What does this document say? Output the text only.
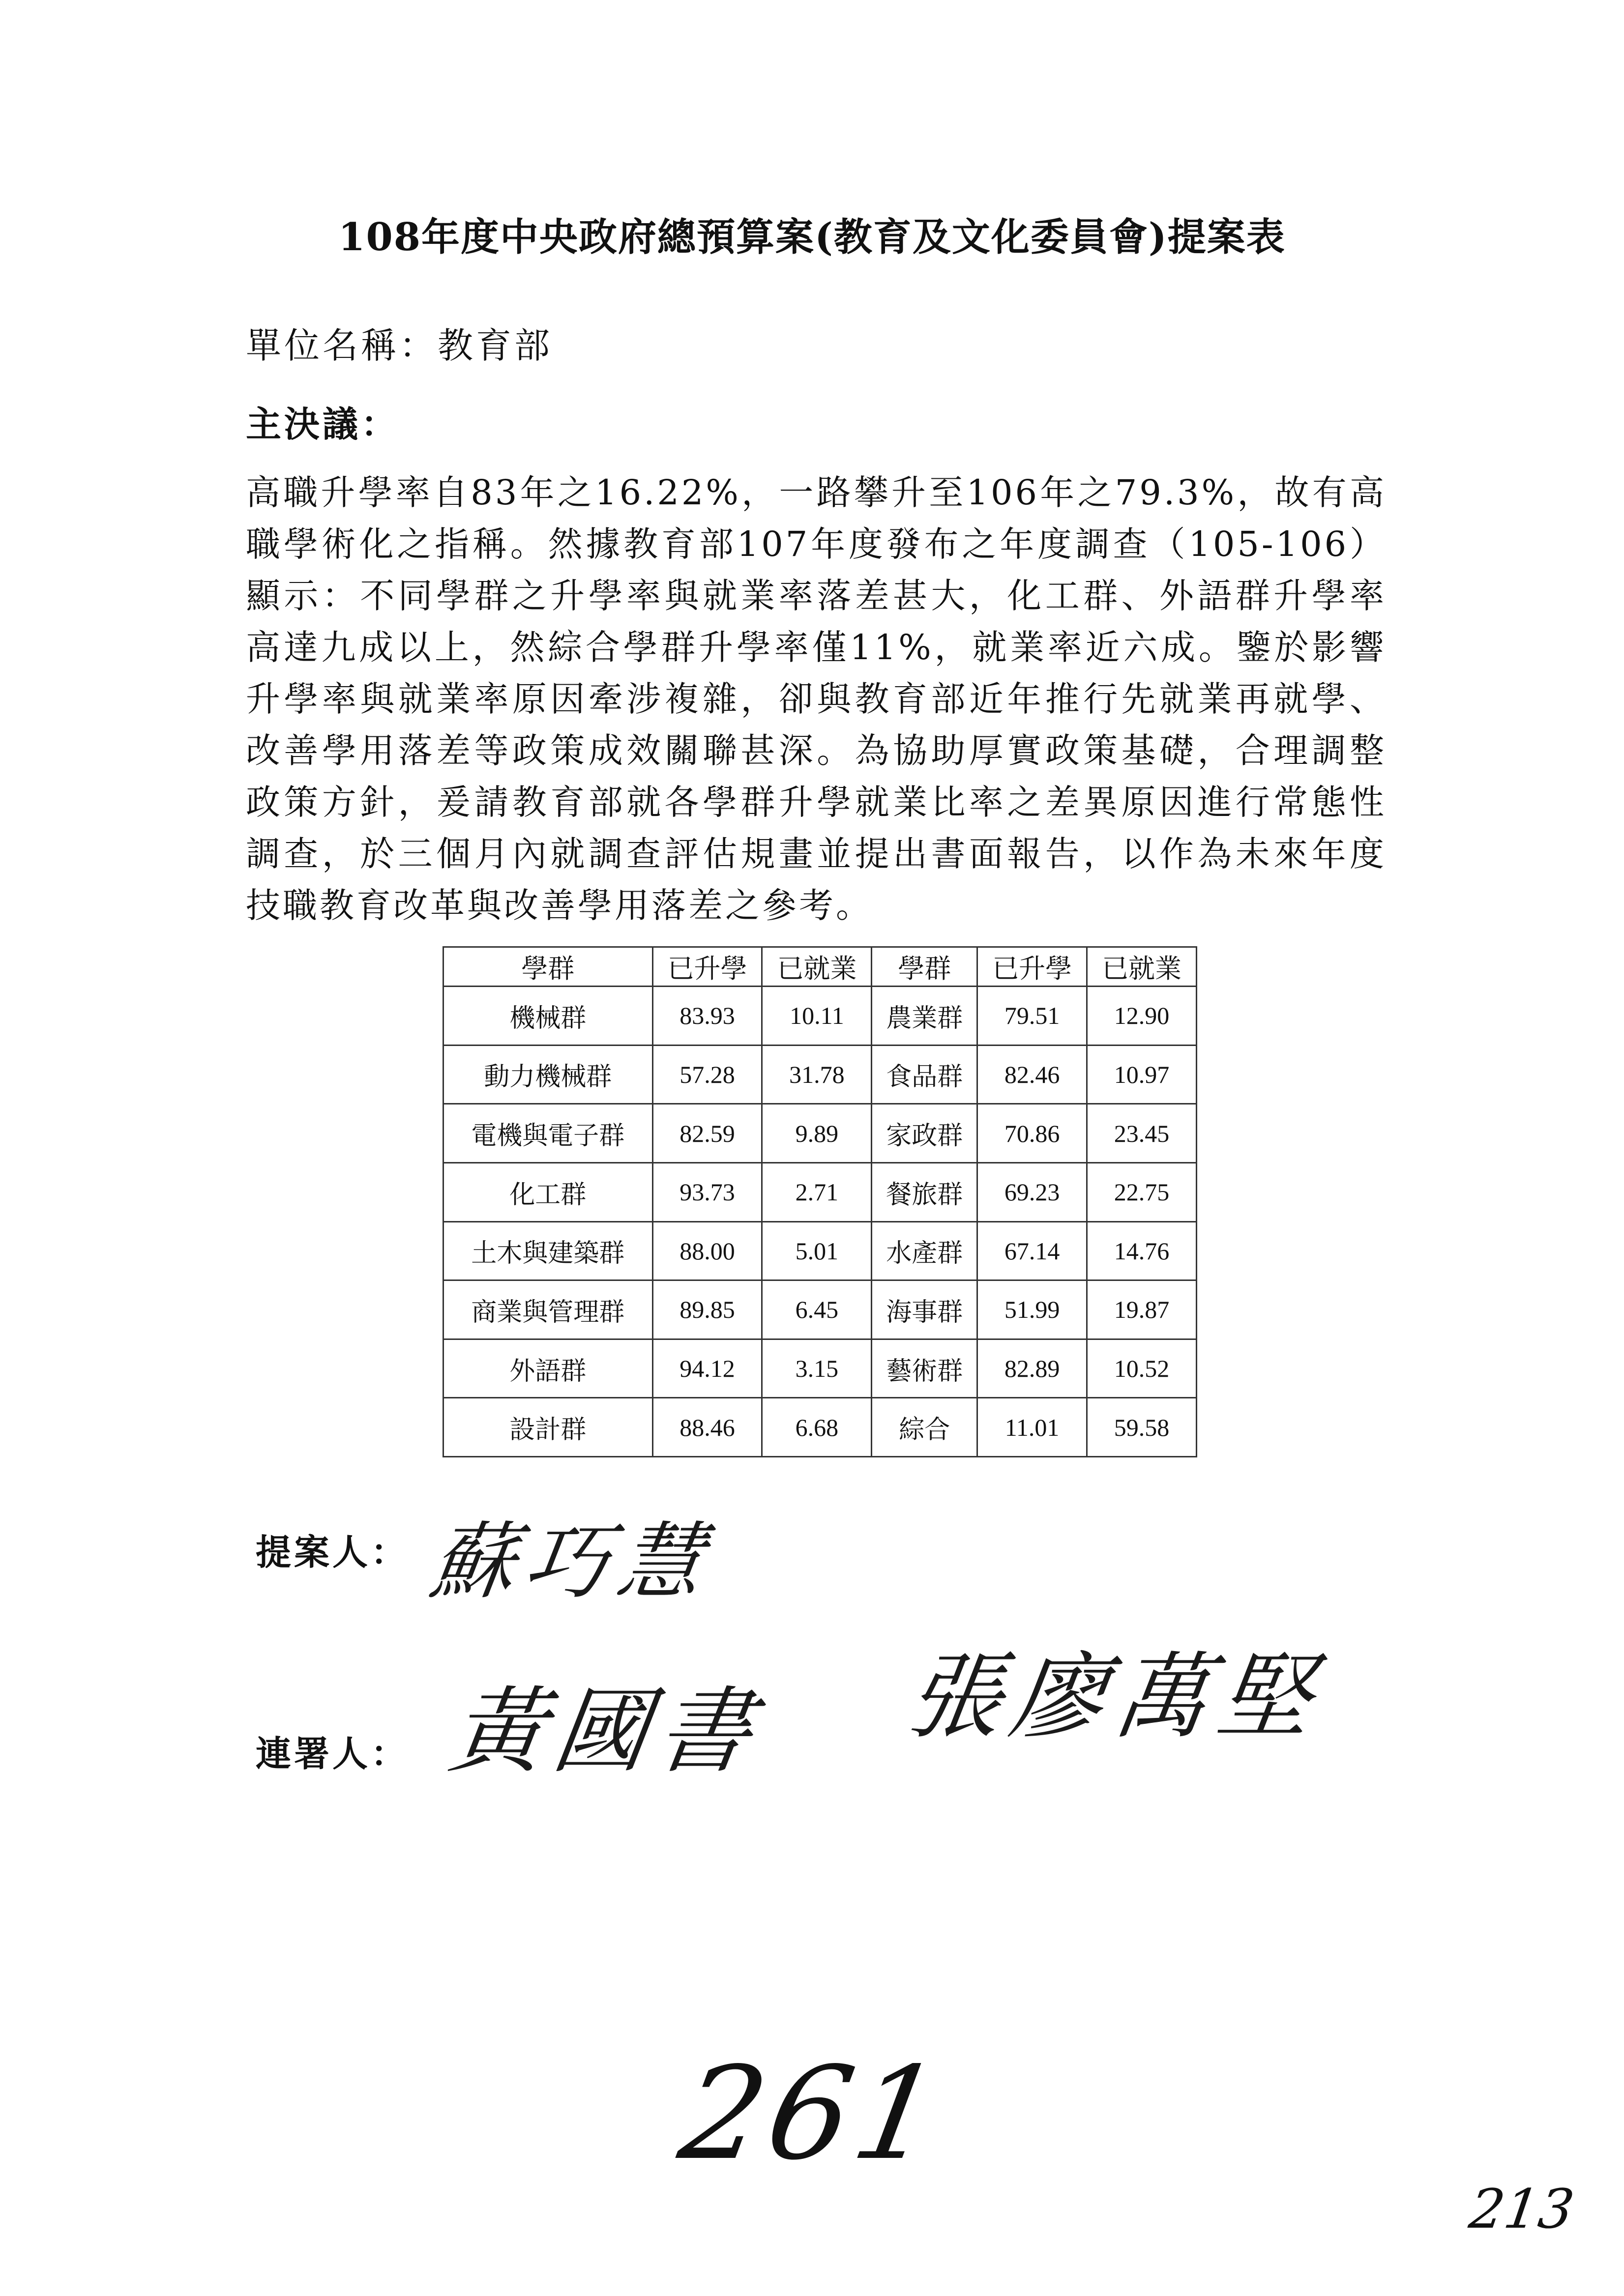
108年度中央政府總預算案(教育及文化委員會)提案表
單位名稱：教育部
主決議：
高職升學率自83年之16.22%，一路攀升至106年之79.3%，故有高職學術化之指稱。然據教育部107年度發布之年度調查（105-106）顯示：不同學群之升學率與就業率落差甚大，化工群、外語群升學率高達九成以上，然綜合學群升學率僅11%，就業率近六成。鑒於影響升學率與就業率原因牽涉複雜，卻與教育部近年推行先就業再就學、改善學用落差等政策成效關聯甚深。為協助厚實政策基礎，合理調整政策方針，爰請教育部就各學群升學就業比率之差異原因進行常態性調查，於三個月內就調查評估規畫並提出書面報告，以作為未來年度技職教育改革與改善學用落差之參考。
學群	已升學	已就業	學群	已升學	已就業
機械群	83.93	10.11	農業群	79.51	12.90
動力機械群	57.28	31.78	食品群	82.46	10.97
電機與電子群	82.59	9.89	家政群	70.86	23.45
化工群	93.73	2.71	餐旅群	69.23	22.75
土木與建築群	88.00	5.01	水產群	67.14	14.76
商業與管理群	89.85	6.45	海事群	51.99	19.87
外語群	94.12	3.15	藝術群	82.89	10.52
設計群	88.46	6.68	綜合	11.01	59.58
提案人： 蘇巧慧
連署人： 黃國書 張廖萬堅
261
213
